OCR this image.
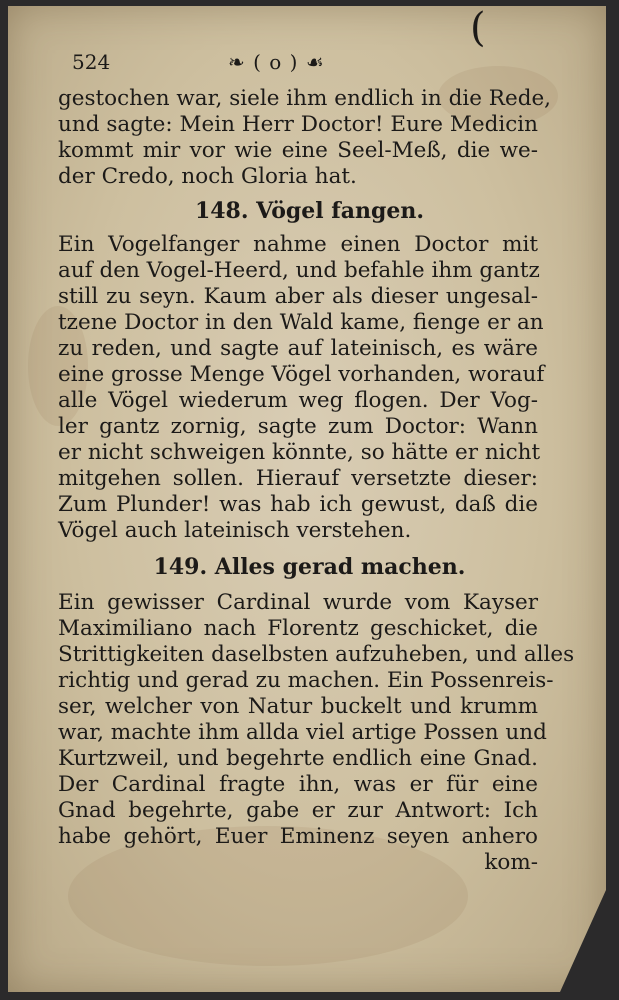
(
524	❧ ( o ) ☙
gestochen war, siele ihm endlich in die Rede,
und sagte: Mein Herr Doctor! Eure Medicin
kommt mir vor wie eine Seel-Meß, die we-
der Credo, noch Gloria hat.
148. Vögel fangen.
Ein Vogelfanger nahme einen Doctor mit
auf den Vogel-Heerd, und befahle ihm gantz
still zu seyn. Kaum aber als dieser ungesal-
tzene Doctor in den Wald kame, fienge er an
zu reden, und sagte auf lateinisch, es wäre
eine grosse Menge Vögel vorhanden, worauf
alle Vögel wiederum weg flogen. Der Vog-
ler gantz zornig, sagte zum Doctor: Wann
er nicht schweigen könnte, so hätte er nicht
mitgehen sollen. Hierauf versetzte dieser:
Zum Plunder! was hab ich gewust, daß die
Vögel auch lateinisch verstehen.
149. Alles gerad machen.
Ein gewisser Cardinal wurde vom Kayser
Maximiliano nach Florentz geschicket, die
Strittigkeiten daselbsten aufzuheben, und alles
richtig und gerad zu machen. Ein Possenreis-
ser, welcher von Natur buckelt und krumm
war, machte ihm allda viel artige Possen und
Kurtzweil, und begehrte endlich eine Gnad.
Der Cardinal fragte ihn, was er für eine
Gnad begehrte, gabe er zur Antwort: Ich
habe gehört, Euer Eminenz seyen anhero
kom-
